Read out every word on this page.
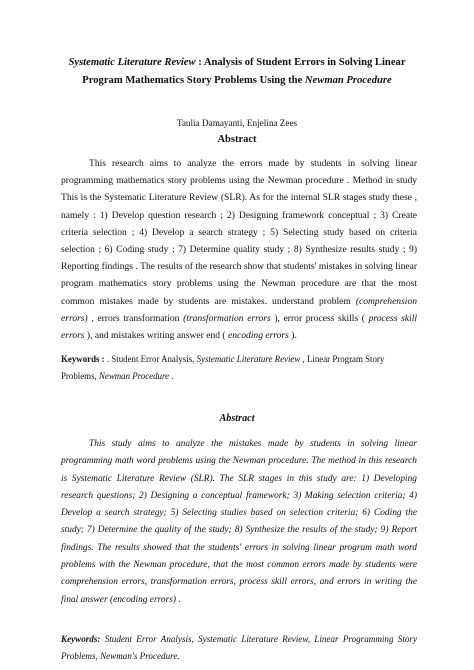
Systematic Literature Review : Analysis of Student Errors in Solving Linear Program Mathematics Story Problems Using the Newman Procedure
Taulia Damayanti, Enjelina Zees
Abstract

This research aims to analyze the errors made by students in solving linear programming mathematics story problems using the Newman procedure . Method in study This is the Systematic Literature Review (SLR). As for the internal SLR stages study these , namely : 1) Develop question research ; 2) Designing framework conceptual ; 3) Create criteria selection ; 4) Develop a search strategy ; 5) Selecting study based on criteria selection ; 6) Coding study ; 7) Determine quality study ; 8) Synthesize results study ; 9) Reporting findings . The results of the research show that students' mistakes in solving linear program mathematics story problems using the Newman procedure are that the most common mistakes made by students are mistakes. understand problem (comprehension errors) , errors transformation (transformation errors ), error process skills ( process skill errors ), and mistakes writing answer end ( encoding errors ).

Keywords : . Student Error Analysis, Systematic Literature Review , Linear Program Story Problems, Newman Procedure .

Abstract

This study aims to analyze the mistakes made by students in solving linear programming math word problems using the Newman procedure. The method in this research is Systematic Literature Review (SLR). The SLR stages in this study are: 1) Developing research questions; 2) Designing a conceptual framework; 3) Making selection criteria; 4) Develop a search strategy; 5) Selecting studies based on selection criteria; 6) Coding the study; 7) Determine the quality of the study; 8) Synthesize the results of the study; 9) Report findings. The results showed that the students' errors in solving linear program math word problems with the Newman procedure, that the most common errors made by students were comprehension errors, transformation errors, process skill errors, and errors in writing the final answer (encoding errors) .

Keywords: Student Error Analysis, Systematic Literature Review, Linear Programming Story Problems, Newman's Procedure.
